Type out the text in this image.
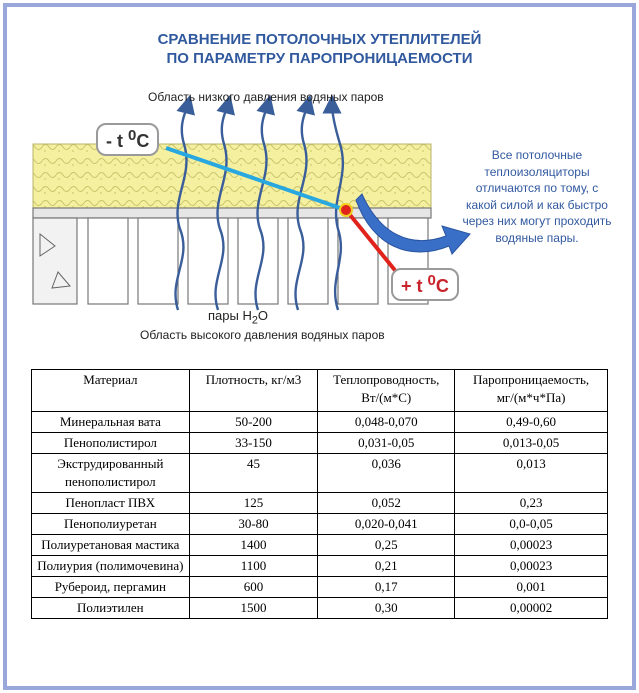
СРАВНЕНИЕ ПОТОЛОЧНЫХ УТЕПЛИТЕЛЕЙ
ПО ПАРАМЕТРУ ПАРОПРОНИЦАЕМОСТИ
Область низкого давления водяных паров
пары $H_2O$
Область высокого давления водяных паров
- t $^0$C
+ t $^0$C
Все потолочные теплоизоляциторы отличаются по тому, с какой силой и как быстро через них могут проходить водяные пары.
Материал	Плотность, кг/м3	Теплопроводность, Вт/(м*С)	Паропроницаемость, мг/(м*ч*Па)
Минеральная вата	50-200	0,048-0,070	0,49-0,60
Пенополистирол	33-150	0,031-0,05	0,013-0,05
Экструдированный пенополистирол	45	0,036	0,013
Пенопласт ПВХ	125	0,052	0,23
Пенополиуретан	30-80	0,020-0,041	0,0-0,05
Полиуретановая мастика	1400	0,25	0,00023
Полиурия (полимочевина)	1100	0,21	0,00023
Рубероид, пергамин	600	0,17	0,001
Полиэтилен	1500	0,30	0,00002
